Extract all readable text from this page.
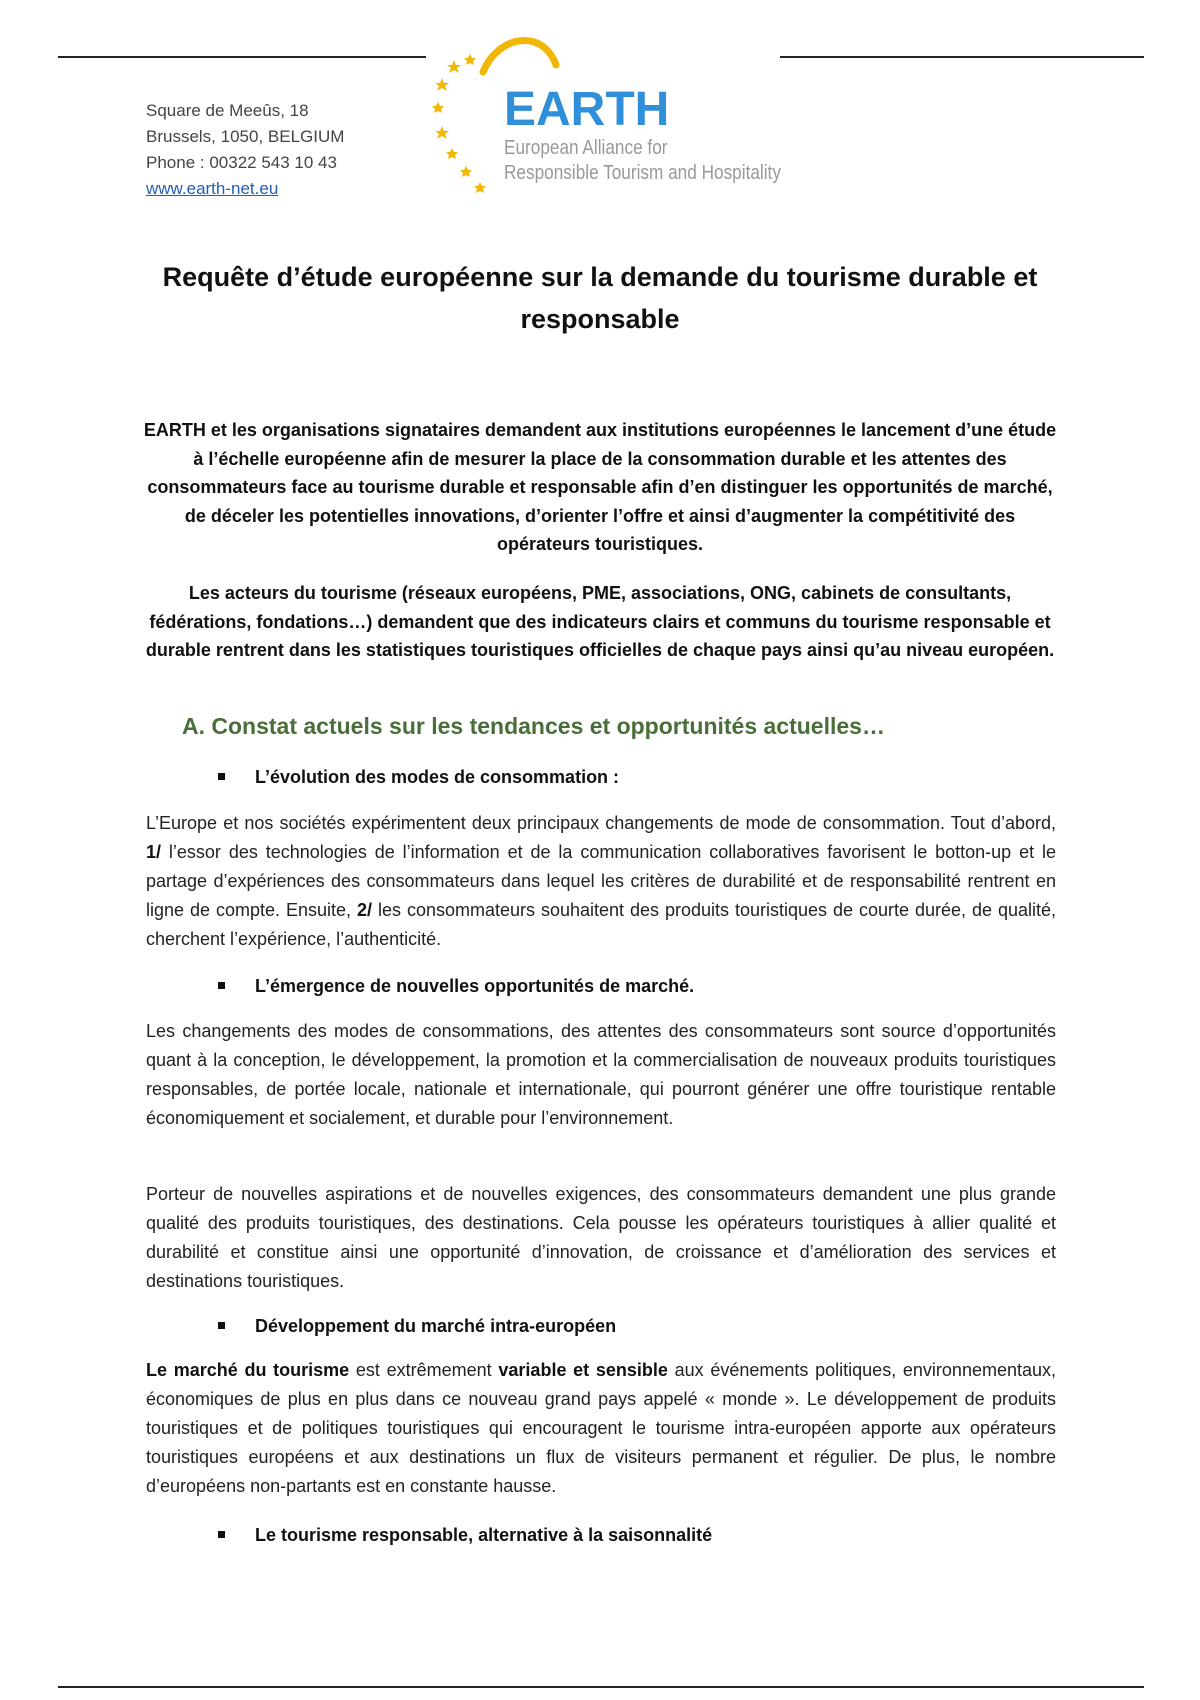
Square de Meeûs, 18
Brussels, 1050, BELGIUM
Phone : 00322 543 10 43
www.earth-net.eu
EARTH
European Alliance for
Responsible Tourism and Hospitality
Requête d’étude européenne sur la demande du tourisme durable et responsable
EARTH et les organisations signataires demandent aux institutions européennes le lancement d’une étude à l’échelle européenne afin de mesurer la place de la consommation durable et les attentes des consommateurs face au tourisme durable et responsable afin d’en distinguer les opportunités de marché, de déceler les potentielles innovations, d’orienter l’offre et ainsi d’augmenter la compétitivité des opérateurs touristiques.
Les acteurs du tourisme (réseaux européens, PME, associations, ONG, cabinets de consultants, fédérations, fondations…) demandent que des indicateurs clairs et communs du tourisme responsable et durable rentrent dans les statistiques touristiques officielles de chaque pays ainsi qu’au niveau européen.
A. Constat actuels sur les tendances et opportunités actuelles…
L’évolution des modes de consommation :
L’Europe et nos sociétés expérimentent deux principaux changements de mode de consommation. Tout d’abord, 1/ l’essor des technologies de l’information et de la communication collaboratives favorisent le botton-up et le partage d’expériences des consommateurs dans lequel les critères de durabilité et de responsabilité rentrent en ligne de compte. Ensuite, 2/ les consommateurs souhaitent des produits touristiques de courte durée, de qualité, cherchent l’expérience, l’authenticité.
L’émergence de nouvelles opportunités de marché.
Les changements des modes de consommations, des attentes des consommateurs sont source d’opportunités quant à la conception, le développement, la promotion et la commercialisation de nouveaux produits touristiques responsables, de portée locale, nationale et internationale, qui pourront générer une offre touristique rentable économiquement et socialement, et durable pour l’environnement.
Porteur de nouvelles aspirations et de nouvelles exigences, des consommateurs demandent une plus grande qualité des produits touristiques, des destinations. Cela pousse les opérateurs touristiques à allier qualité et durabilité et constitue ainsi une opportunité d’innovation, de croissance et d’amélioration des services et destinations touristiques.
Développement du marché intra-européen
Le marché du tourisme est extrêmement variable et sensible aux événements politiques, environnementaux, économiques de plus en plus dans ce nouveau grand pays appelé « monde ». Le développement de produits touristiques et de politiques touristiques qui encouragent le tourisme intra-européen apporte aux opérateurs touristiques européens et aux destinations un flux de visiteurs permanent et régulier. De plus, le nombre d’européens non-partants est en constante hausse.
Le tourisme responsable, alternative à la saisonnalité
